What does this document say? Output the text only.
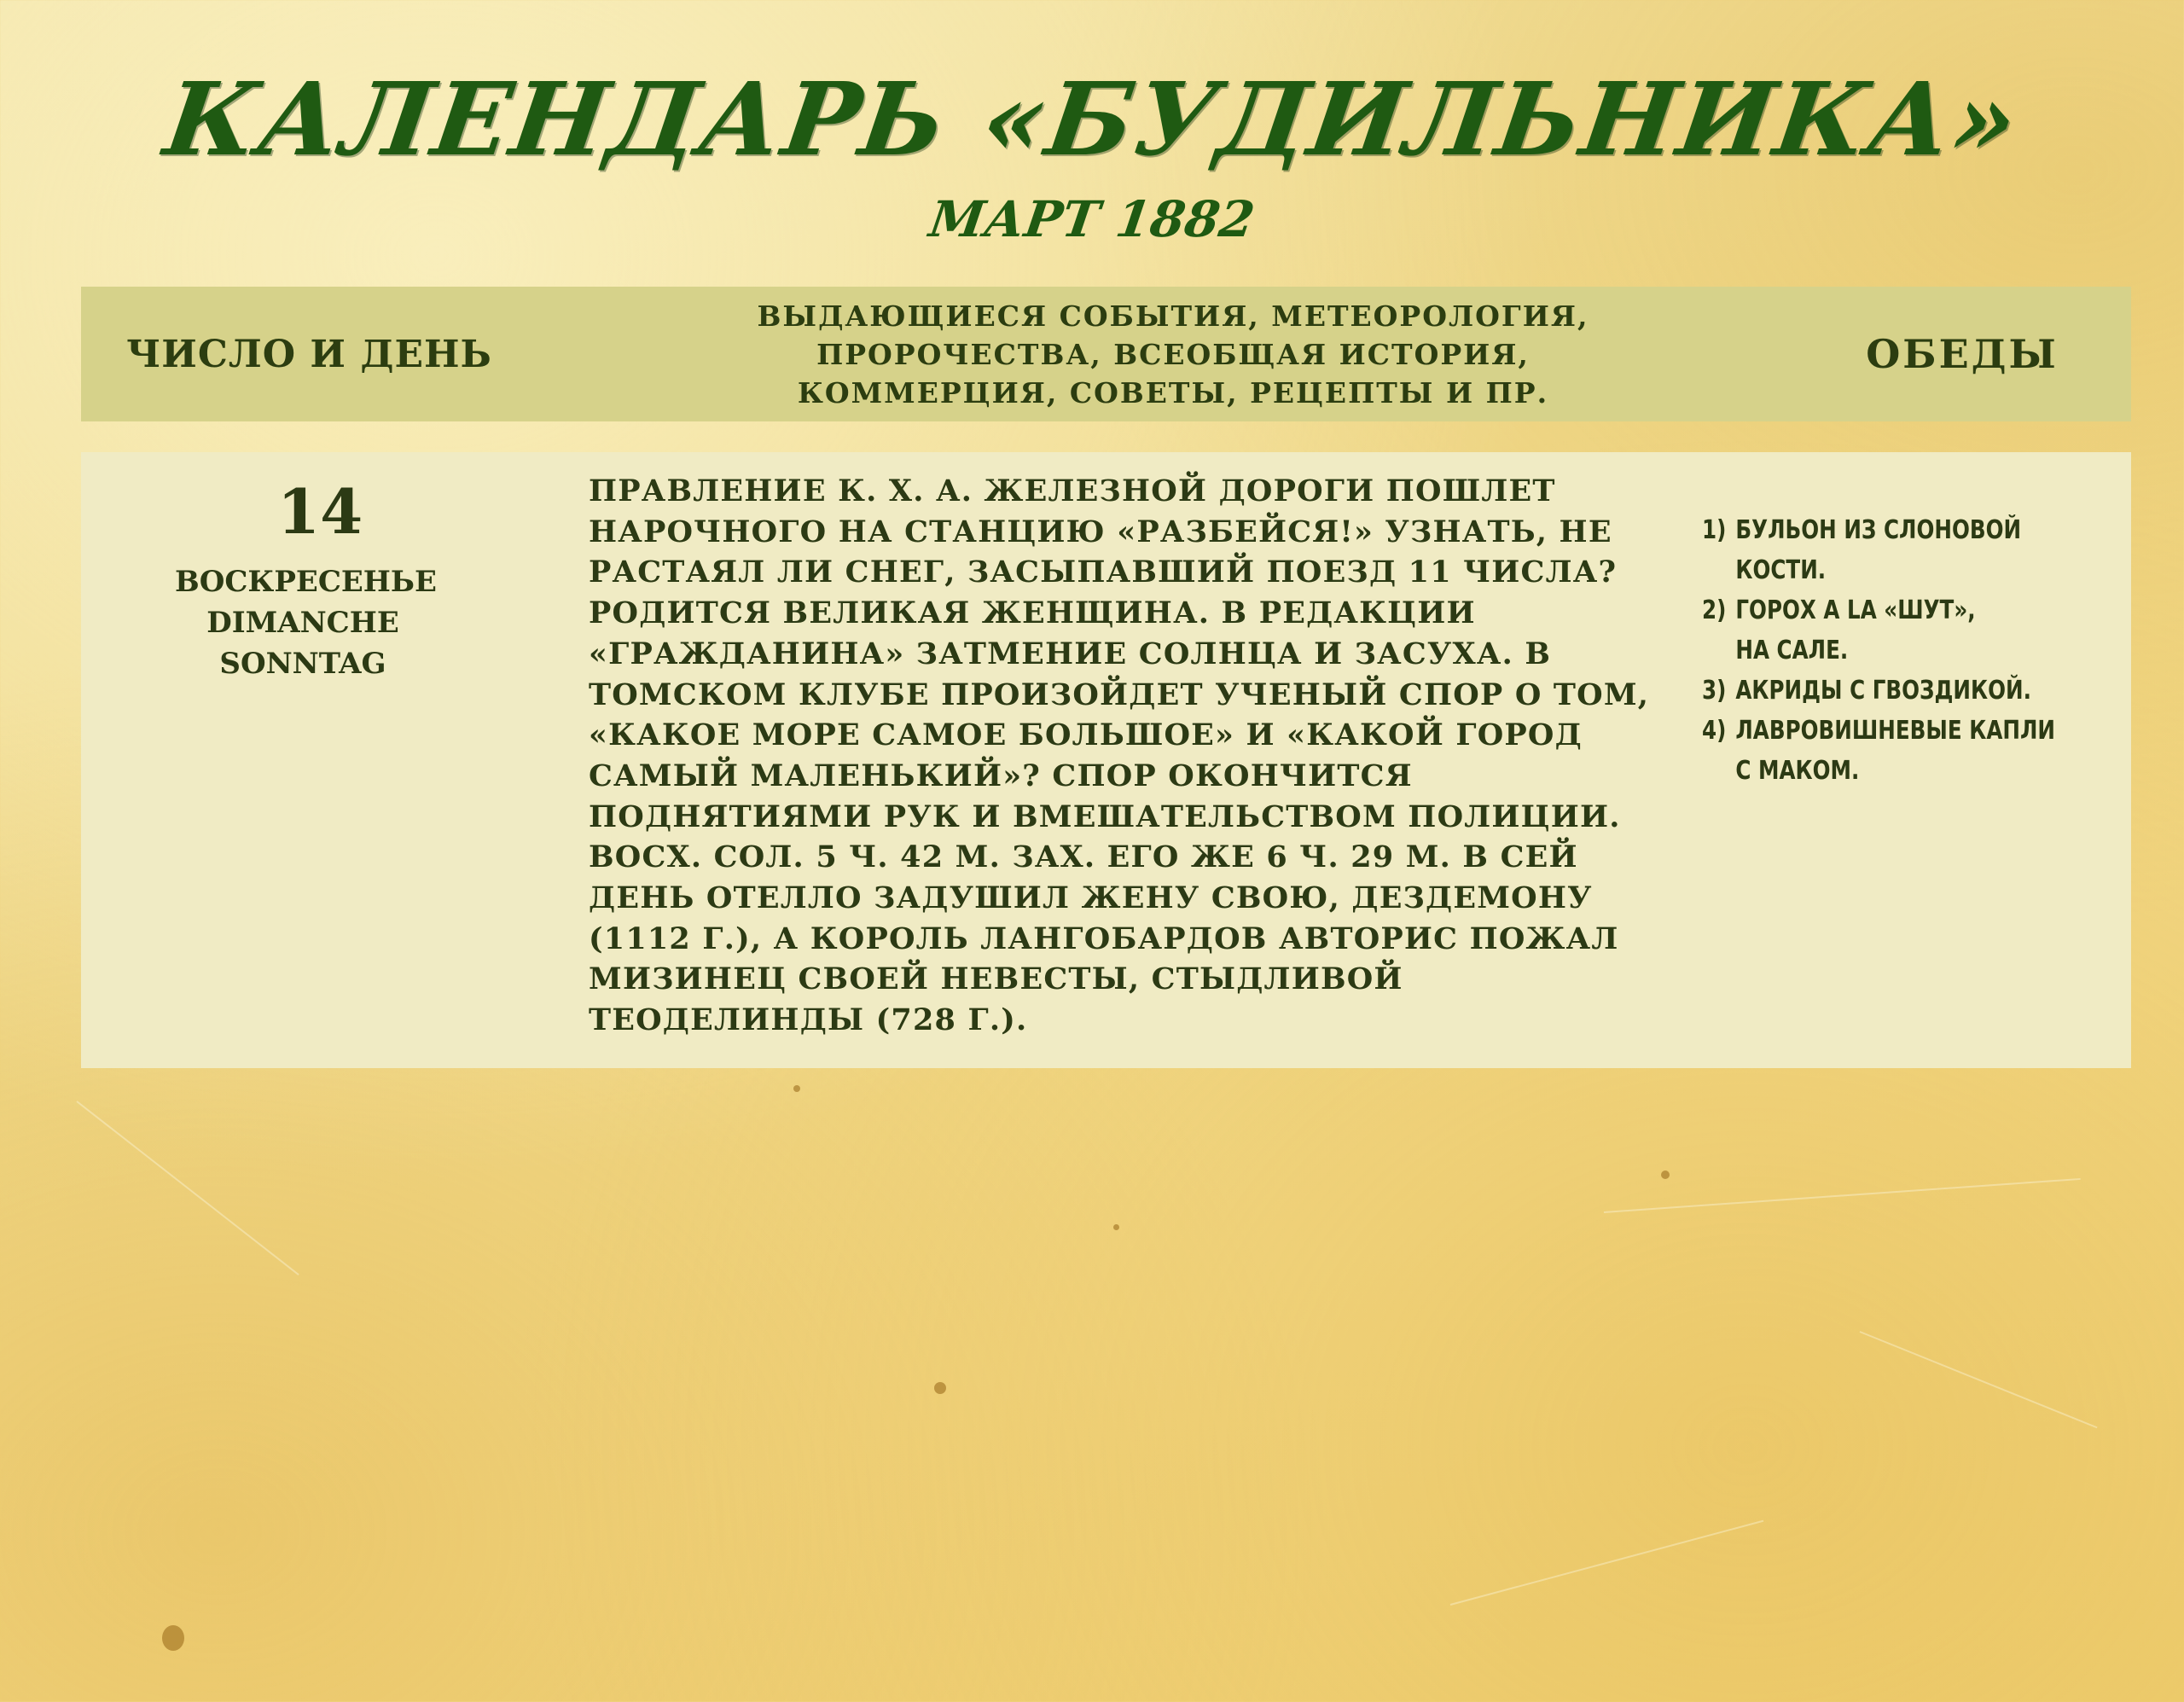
КАЛЕНДАРЬ «БУДИЛЬНИКА»
МАРТ 1882
ЧИСЛО И ДЕНЬ
ВЫДАЮЩИЕСЯ СОБЫТИЯ, МЕТЕОРОЛОГИЯ,
ПРОРОЧЕСТВА, ВСЕОБЩАЯ ИСТОРИЯ,
КОММЕРЦИЯ, СОВЕТЫ, РЕЦЕПТЫ И ПР.
ОБЕДЫ
14
ВОСКРЕСЕНЬЕ
DIMANCHE
SONNTAG
ПРАВЛЕНИЕ К. Х. А. ЖЕЛЕЗНОЙ ДОРОГИ ПОШЛЕТ
НАРОЧНОГО НА СТАНЦИЮ «РАЗБЕЙСЯ!» УЗНАТЬ, НЕ
РАСТАЯЛ ЛИ СНЕГ, ЗАСЫПАВШИЙ ПОЕЗД 11 ЧИСЛА?
РОДИТСЯ ВЕЛИКАЯ ЖЕНЩИНА. В РЕДАКЦИИ
«ГРАЖДАНИНА» ЗАТМЕНИЕ СОЛНЦА И ЗАСУХА. В
ТОМСКОМ КЛУБЕ ПРОИЗОЙДЕТ УЧЕНЫЙ СПОР О ТОМ,
«КАКОЕ МОРЕ САМОЕ БОЛЬШОЕ» И «КАКОЙ ГОРОД
САМЫЙ МАЛЕНЬКИЙ»? СПОР ОКОНЧИТСЯ
ПОДНЯТИЯМИ РУК И ВМЕШАТЕЛЬСТВОМ ПОЛИЦИИ.
ВОСХ. СОЛ. 5 Ч. 42 М. ЗАХ. ЕГО ЖЕ 6 Ч. 29 М. В СЕЙ
ДЕНЬ ОТЕЛЛО ЗАДУШИЛ ЖЕНУ СВОЮ, ДЕЗДЕМОНУ
(1112 Г.), А КОРОЛЬ ЛАНГОБАРДОВ АВТОРИС ПОЖАЛ
МИЗИНЕЦ СВОЕЙ НЕВЕСТЫ, СТЫДЛИВОЙ
ТЕОДЕЛИНДЫ (728 Г.).
1) БУЛЬОН ИЗ СЛОНОВОЙ
КОСТИ.
2) ГОРОХ А LA «ШУТ»,
НА САЛЕ.
3) АКРИДЫ С ГВОЗДИКОЙ.
4) ЛАВРОВИШНЕВЫЕ КАПЛИ
С МАКОМ.
